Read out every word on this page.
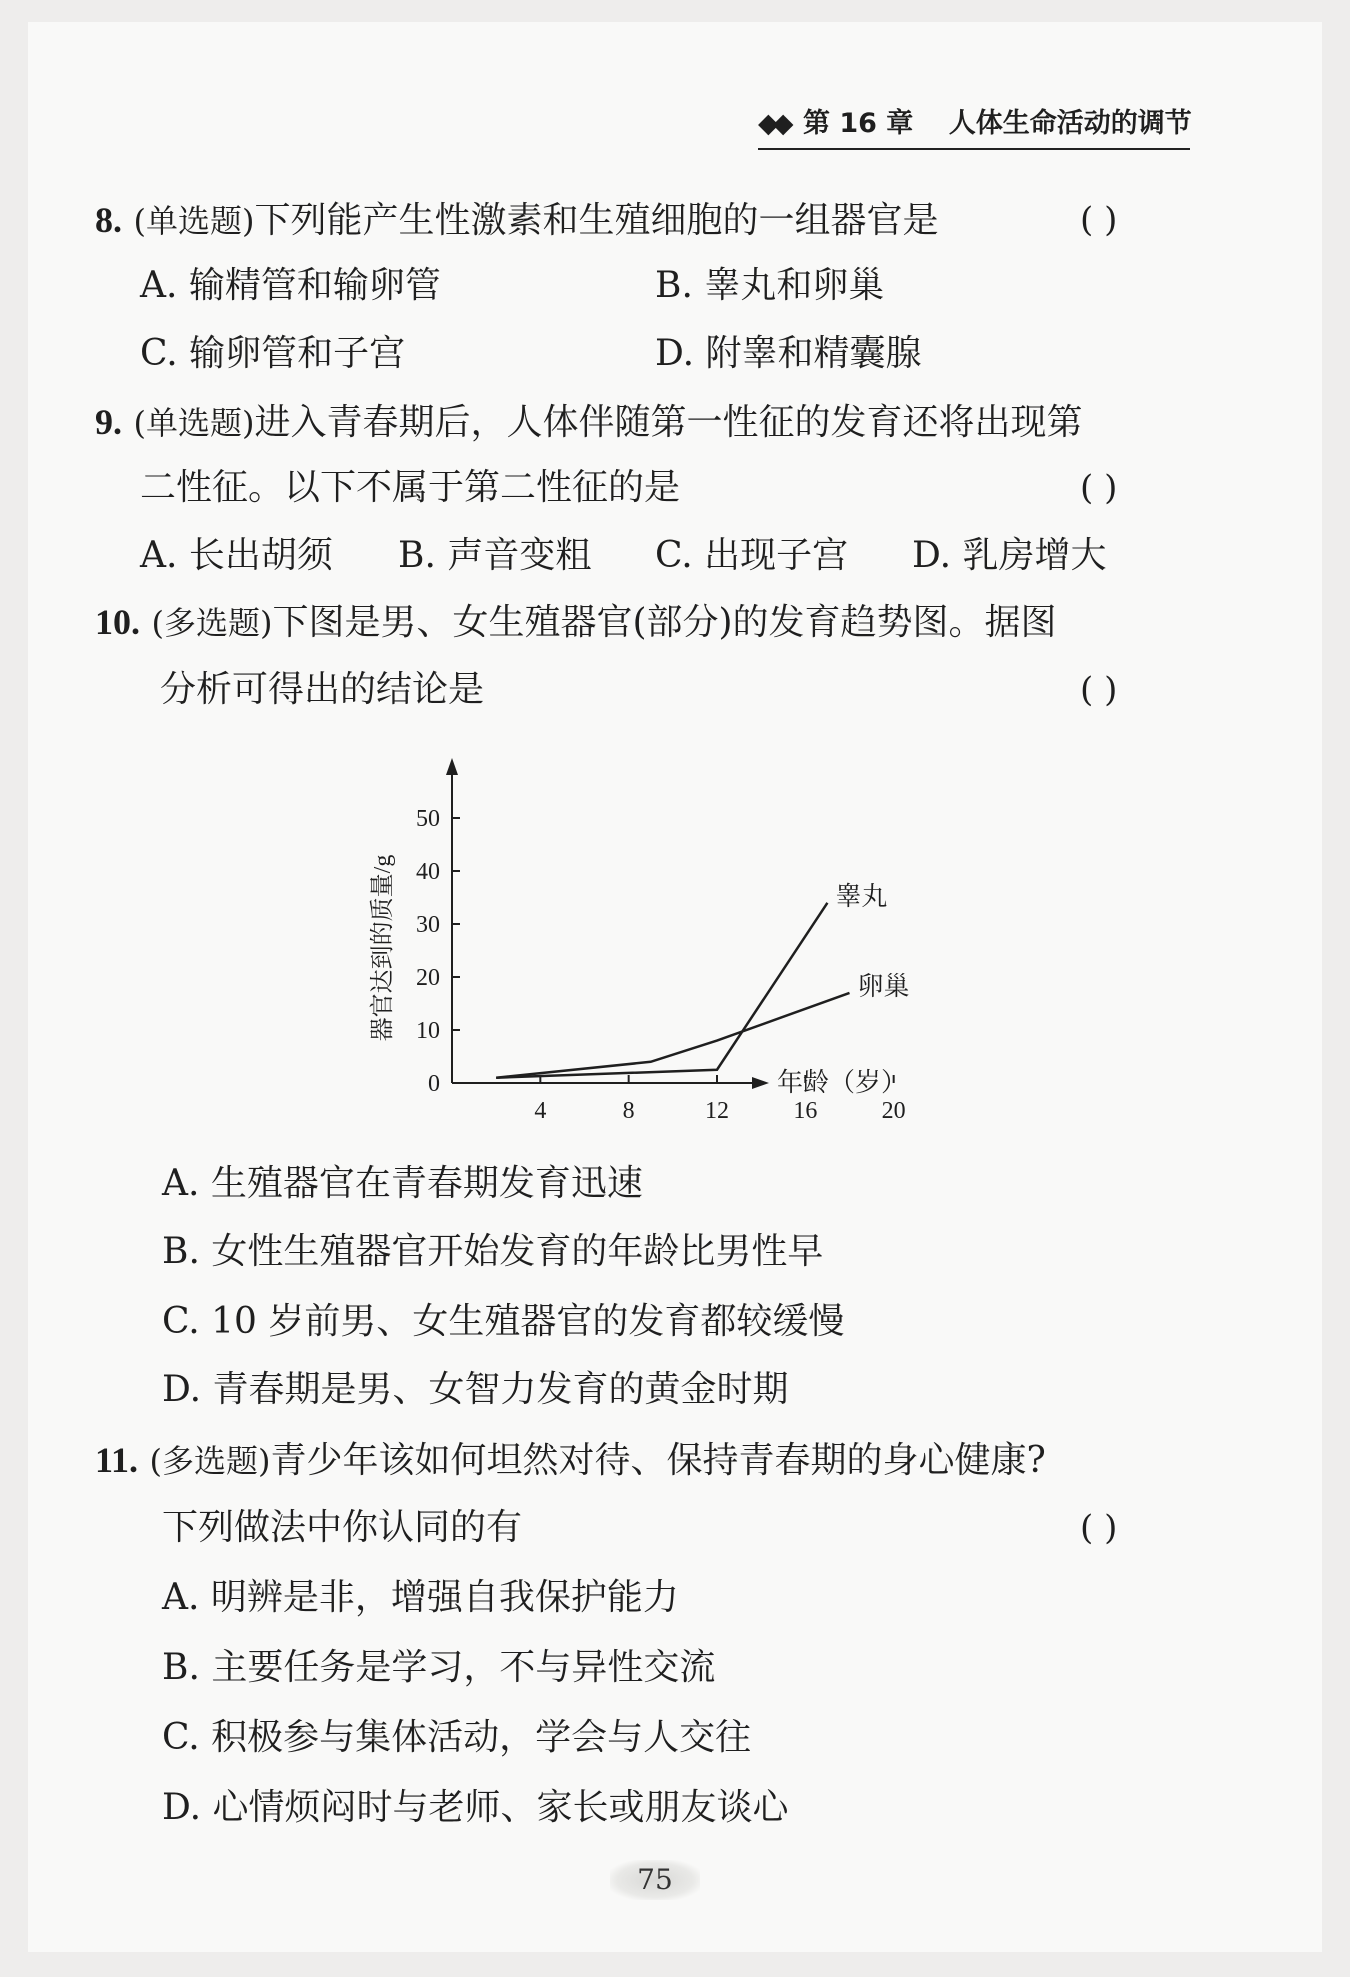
◆◆ 第 16 章 人体生命活动的调节
8. (单选题)下列能产生性激素和生殖细胞的一组器官是	( )
A. 输精管和输卵管	B. 睾丸和卵巢
C. 输卵管和子宫	D. 附睾和精囊腺
9. (单选题)进入青春期后，人体伴随第一性征的发育还将出现第
二性征。以下不属于第二性征的是	( )
A. 长出胡须 B. 声音变粗 C. 出现子宫 D. 乳房增大
10. (多选题)下图是男、女生殖器官(部分)的发育趋势图。据图
分析可得出的结论是	( )
0
10
20
30
40
50
4	8	12	16	20
器官达到的质量/g
年龄（岁）
睾丸
卵巢
A. 生殖器官在青春期发育迅速
B. 女性生殖器官开始发育的年龄比男性早
C. 10 岁前男、女生殖器官的发育都较缓慢
D. 青春期是男、女智力发育的黄金时期
11. (多选题)青少年该如何坦然对待、保持青春期的身心健康?
下列做法中你认同的有	( )
A. 明辨是非，增强自我保护能力
B. 主要任务是学习，不与异性交流
C. 积极参与集体活动，学会与人交往
D. 心情烦闷时与老师、家长或朋友谈心
75
